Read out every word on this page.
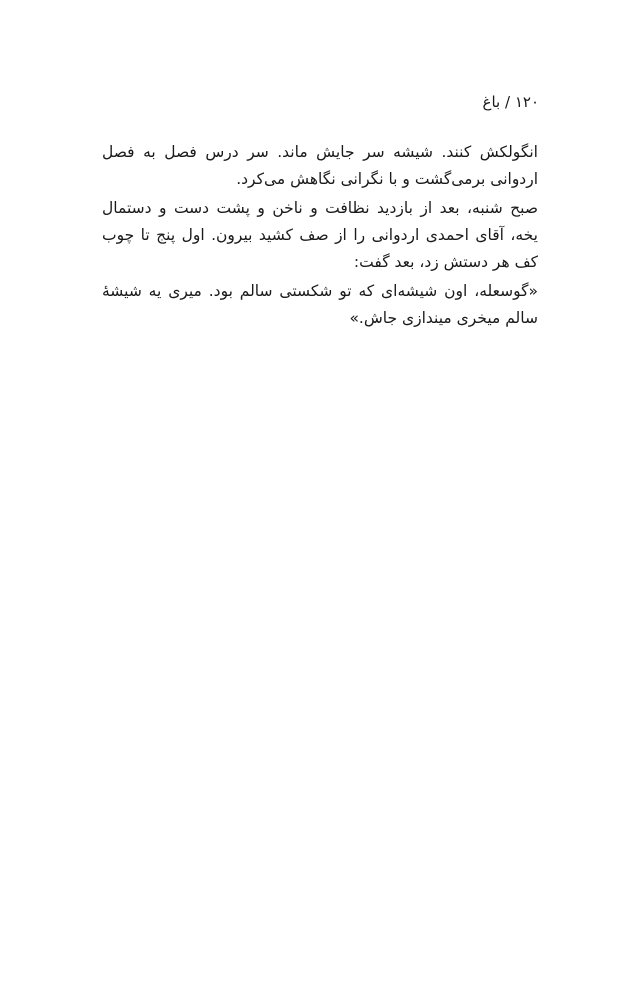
۱۲۰ / باغ
انگولکش کنند. شیشه سر جایش ماند. سر درس فصل به فصل
اردوانی برمی‌گشت و با نگرانی نگاهش می‌کرد.
صبح شنبه، بعد از بازدید نظافت و ناخن و پشت دست و دستمال
یخه، آقای احمدی اردوانی را از صف کشید بیرون. اول پنج تا چوب
کف هر دستش زد، بعد گفت:
«گوسعله، اون شیشه‌ای که تو شکستی سالم بود. میری یه شیشهٔ
سالم میخری میندازی جاش.»
